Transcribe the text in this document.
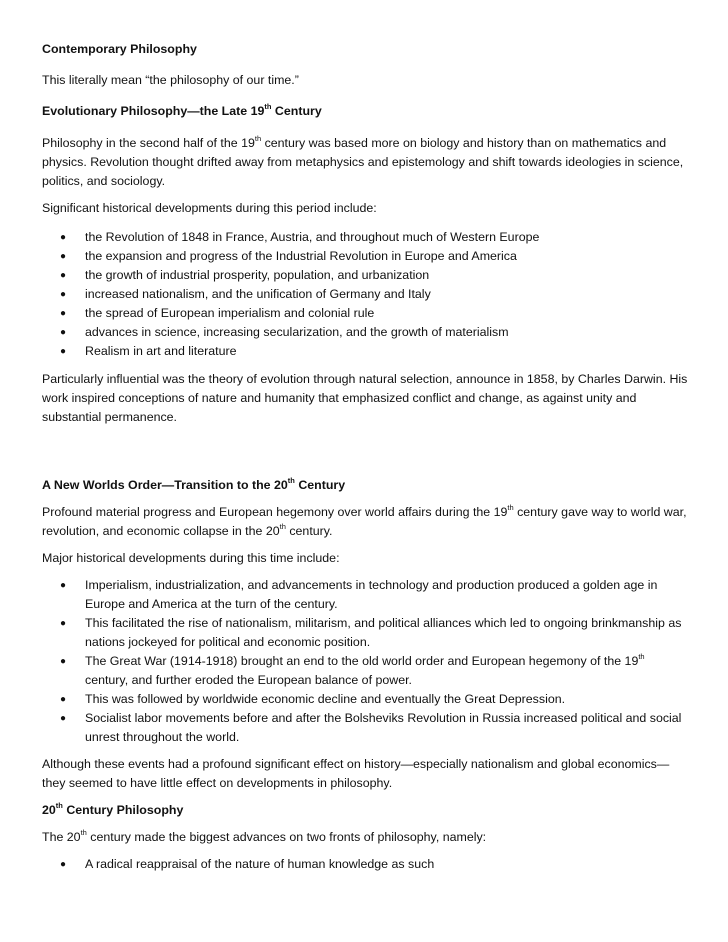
Contemporary Philosophy

This literally mean “the philosophy of our time.”

Evolutionary Philosophy—the Late 19th Century

Philosophy in the second half of the 19th century was based more on biology and history than on mathematics and physics. Revolution thought drifted away from metaphysics and epistemology and shift towards ideologies in science, politics, and sociology.

Significant historical developments during this period include:

● the Revolution of 1848 in France, Austria, and throughout much of Western Europe
● the expansion and progress of the Industrial Revolution in Europe and America
● the growth of industrial prosperity, population, and urbanization
● increased nationalism, and the unification of Germany and Italy
● the spread of European imperialism and colonial rule
● advances in science, increasing secularization, and the growth of materialism
● Realism in art and literature

Particularly influential was the theory of evolution through natural selection, announce in 1858, by Charles Darwin. His work inspired conceptions of nature and humanity that emphasized conflict and change, as against unity and substantial permanence.

A New Worlds Order—Transition to the 20th Century

Profound material progress and European hegemony over world affairs during the 19th century gave way to world war, revolution, and economic collapse in the 20th century.

Major historical developments during this time include:

● Imperialism, industrialization, and advancements in technology and production produced a golden age in Europe and America at the turn of the century.
● This facilitated the rise of nationalism, militarism, and political alliances which led to ongoing brinkmanship as nations jockeyed for political and economic position.
● The Great War (1914-1918) brought an end to the old world order and European hegemony of the 19th century, and further eroded the European balance of power.
● This was followed by worldwide economic decline and eventually the Great Depression.
● Socialist labor movements before and after the Bolsheviks Revolution in Russia increased political and social unrest throughout the world.

Although these events had a profound significant effect on history—especially nationalism and global economics—they seemed to have little effect on developments in philosophy.

20th Century Philosophy

The 20th century made the biggest advances on two fronts of philosophy, namely:

● A radical reappraisal of the nature of human knowledge as such
